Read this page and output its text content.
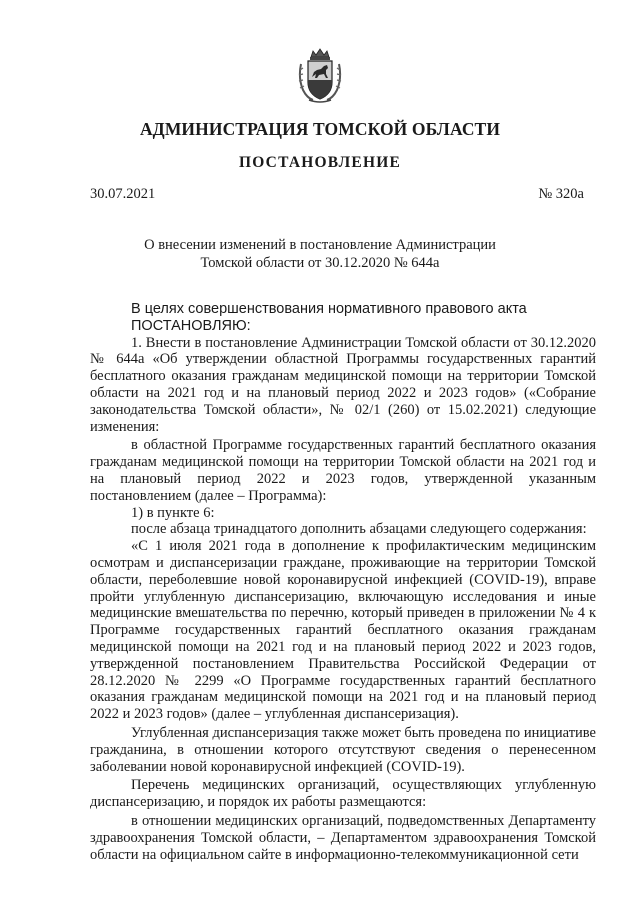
АДМИНИСТРАЦИЯ ТОМСКОЙ ОБЛАСТИ
ПОСТАНОВЛЕНИЕ
30.07.2021	№ 320а
О внесении изменений в постановление Администрации
Томской области от 30.12.2020 № 644а

В целях совершенствования нормативного правового акта

ПОСТАНОВЛЯЮ:

1. Внести в постановление Администрации Томской области от 30.12.2020 № 644а «Об утверждении областной Программы государственных гарантий бесплатного оказания гражданам медицинской помощи на территории Томской области на 2021 год и на плановый период 2022 и 2023 годов» («Собрание законодательства Томской области», № 02/1 (260) от 15.02.2021) следующие изменения:

в областной Программе государственных гарантий бесплатного оказания гражданам медицинской помощи на территории Томской области на 2021 год и на плановый период 2022 и 2023 годов, утвержденной указанным постановлением (далее – Программа):

1) в пункте 6:

после абзаца тринадцатого дополнить абзацами следующего содержания:

«С 1 июля 2021 года в дополнение к профилактическим медицинским осмотрам и диспансеризации граждане, проживающие на территории Томской области, переболевшие новой коронавирусной инфекцией (COVID-19), вправе пройти углубленную диспансеризацию, включающую исследования и иные медицинские вмешательства по перечню, который приведен в приложении № 4 к Программе государственных гарантий бесплатного оказания гражданам медицинской помощи на 2021 год и на плановый период 2022 и 2023 годов, утвержденной постановлением Правительства Российской Федерации от 28.12.2020 № 2299 «О Программе государственных гарантий бесплатного оказания гражданам медицинской помощи на 2021 год и на плановый период 2022 и 2023 годов» (далее – углубленная диспансеризация).

Углубленная диспансеризация также может быть проведена по инициативе гражданина, в отношении которого отсутствуют сведения о перенесенном заболевании новой коронавирусной инфекцией (COVID-19).

Перечень медицинских организаций, осуществляющих углубленную диспансеризацию, и порядок их работы размещаются:

в отношении медицинских организаций, подведомственных Департаменту здравоохранения Томской области, – Департаментом здравоохранения Томской области на официальном сайте в информационно-телекоммуникационной сети
